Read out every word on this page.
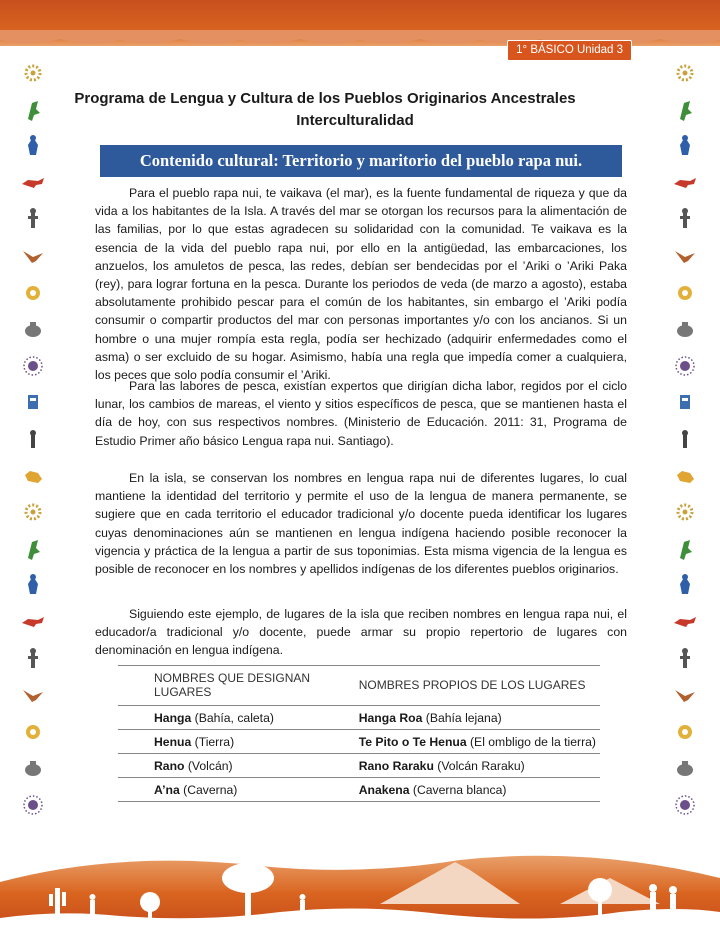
1° BÁSICO Unidad 3
Programa de Lengua y Cultura de los Pueblos Originarios Ancestrales
Interculturalidad
Contenido cultural: Territorio y maritorio del pueblo rapa nui.

Para el pueblo rapa nui, te vaikava (el mar), es la fuente fundamental de riqueza y que da vida a los habitantes de la Isla. A través del mar se otorgan los recursos para la alimentación de las familias, por lo que estas agradecen su solidaridad con la comunidad. Te vaikava es la esencia de la vida del pueblo rapa nui, por ello en la antigüedad, las embarcaciones, los anzuelos, los amuletos de pesca, las redes, debían ser bendecidas por el ’Ariki o ’Ariki Paka (rey), para lograr fortuna en la pesca. Durante los periodos de veda (de marzo a agosto), estaba absolutamente prohibido pescar para el común de los habitantes, sin embargo el ’Ariki podía consumir o compartir productos del mar con personas importantes y/o con los ancianos. Si un hombre o una mujer rompía esta regla, podía ser hechizado (adquirir enfermedades como el asma) o ser excluido de su hogar. Asimismo, había una regla que impedía comer a cualquiera, los peces que solo podía consumir el ’Ariki.

Para las labores de pesca, existían expertos que dirigían dicha labor, regidos por el ciclo lunar, los cambios de mareas, el viento y sitios específicos de pesca, que se mantienen hasta el día de hoy, con sus respectivos nombres. (Ministerio de Educación. 2011: 31, Programa de Estudio Primer año básico Lengua rapa nui. Santiago).

En la isla, se conservan los nombres en lengua rapa nui de diferentes lugares, lo cual mantiene la identidad del territorio y permite el uso de la lengua de manera permanente, se sugiere que en cada territorio el educador tradicional y/o docente pueda identificar los lugares cuyas denominaciones aún se mantienen en lengua indígena haciendo posible reconocer la vigencia y práctica de la lengua a partir de sus toponimias. Esta misma vigencia de la lengua es posible de reconocer en los nombres y apellidos indígenas de los diferentes pueblos originarios.

Siguiendo este ejemplo, de lugares de la isla que reciben nombres en lengua rapa nui, el educador/a tradicional y/o docente, puede armar su propio repertorio de lugares con denominación en lengua indígena.

NOMBRES QUE DESIGNAN LUGARES	NOMBRES PROPIOS DE LOS LUGARES
Hanga (Bahía, caleta)	Hanga Roa (Bahía lejana)
Henua (Tierra)	Te Pito o Te Henua (El ombligo de la tierra)
Rano (Volcán)	Rano Raraku (Volcán Raraku)
A’na (Caverna)	Anakena (Caverna blanca)
